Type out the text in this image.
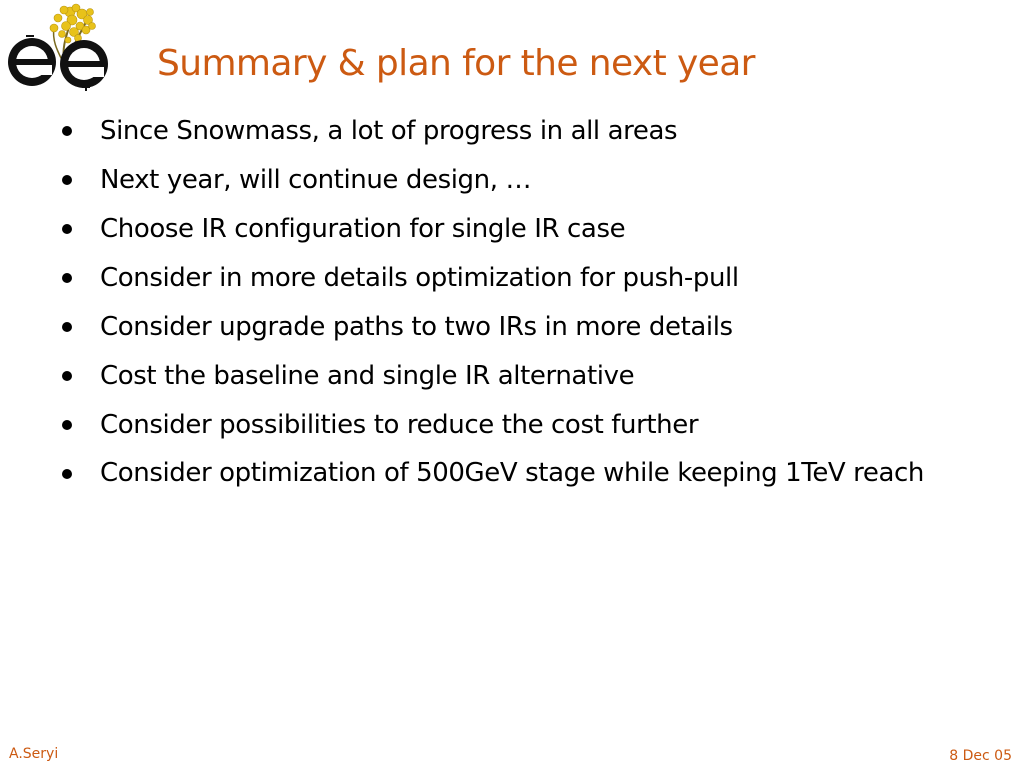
Summary & plan for the next year
Since Snowmass, a lot of progress in all areas
Next year, will continue design, …
Choose IR configuration for single IR case
Consider in more details optimization for push-pull
Consider upgrade paths to two IRs in more details
Cost the baseline and single IR alternative
Consider possibilities to reduce the cost further
Consider optimization of 500GeV stage while keeping 1TeV reach
A.Seryi	8 Dec 05
